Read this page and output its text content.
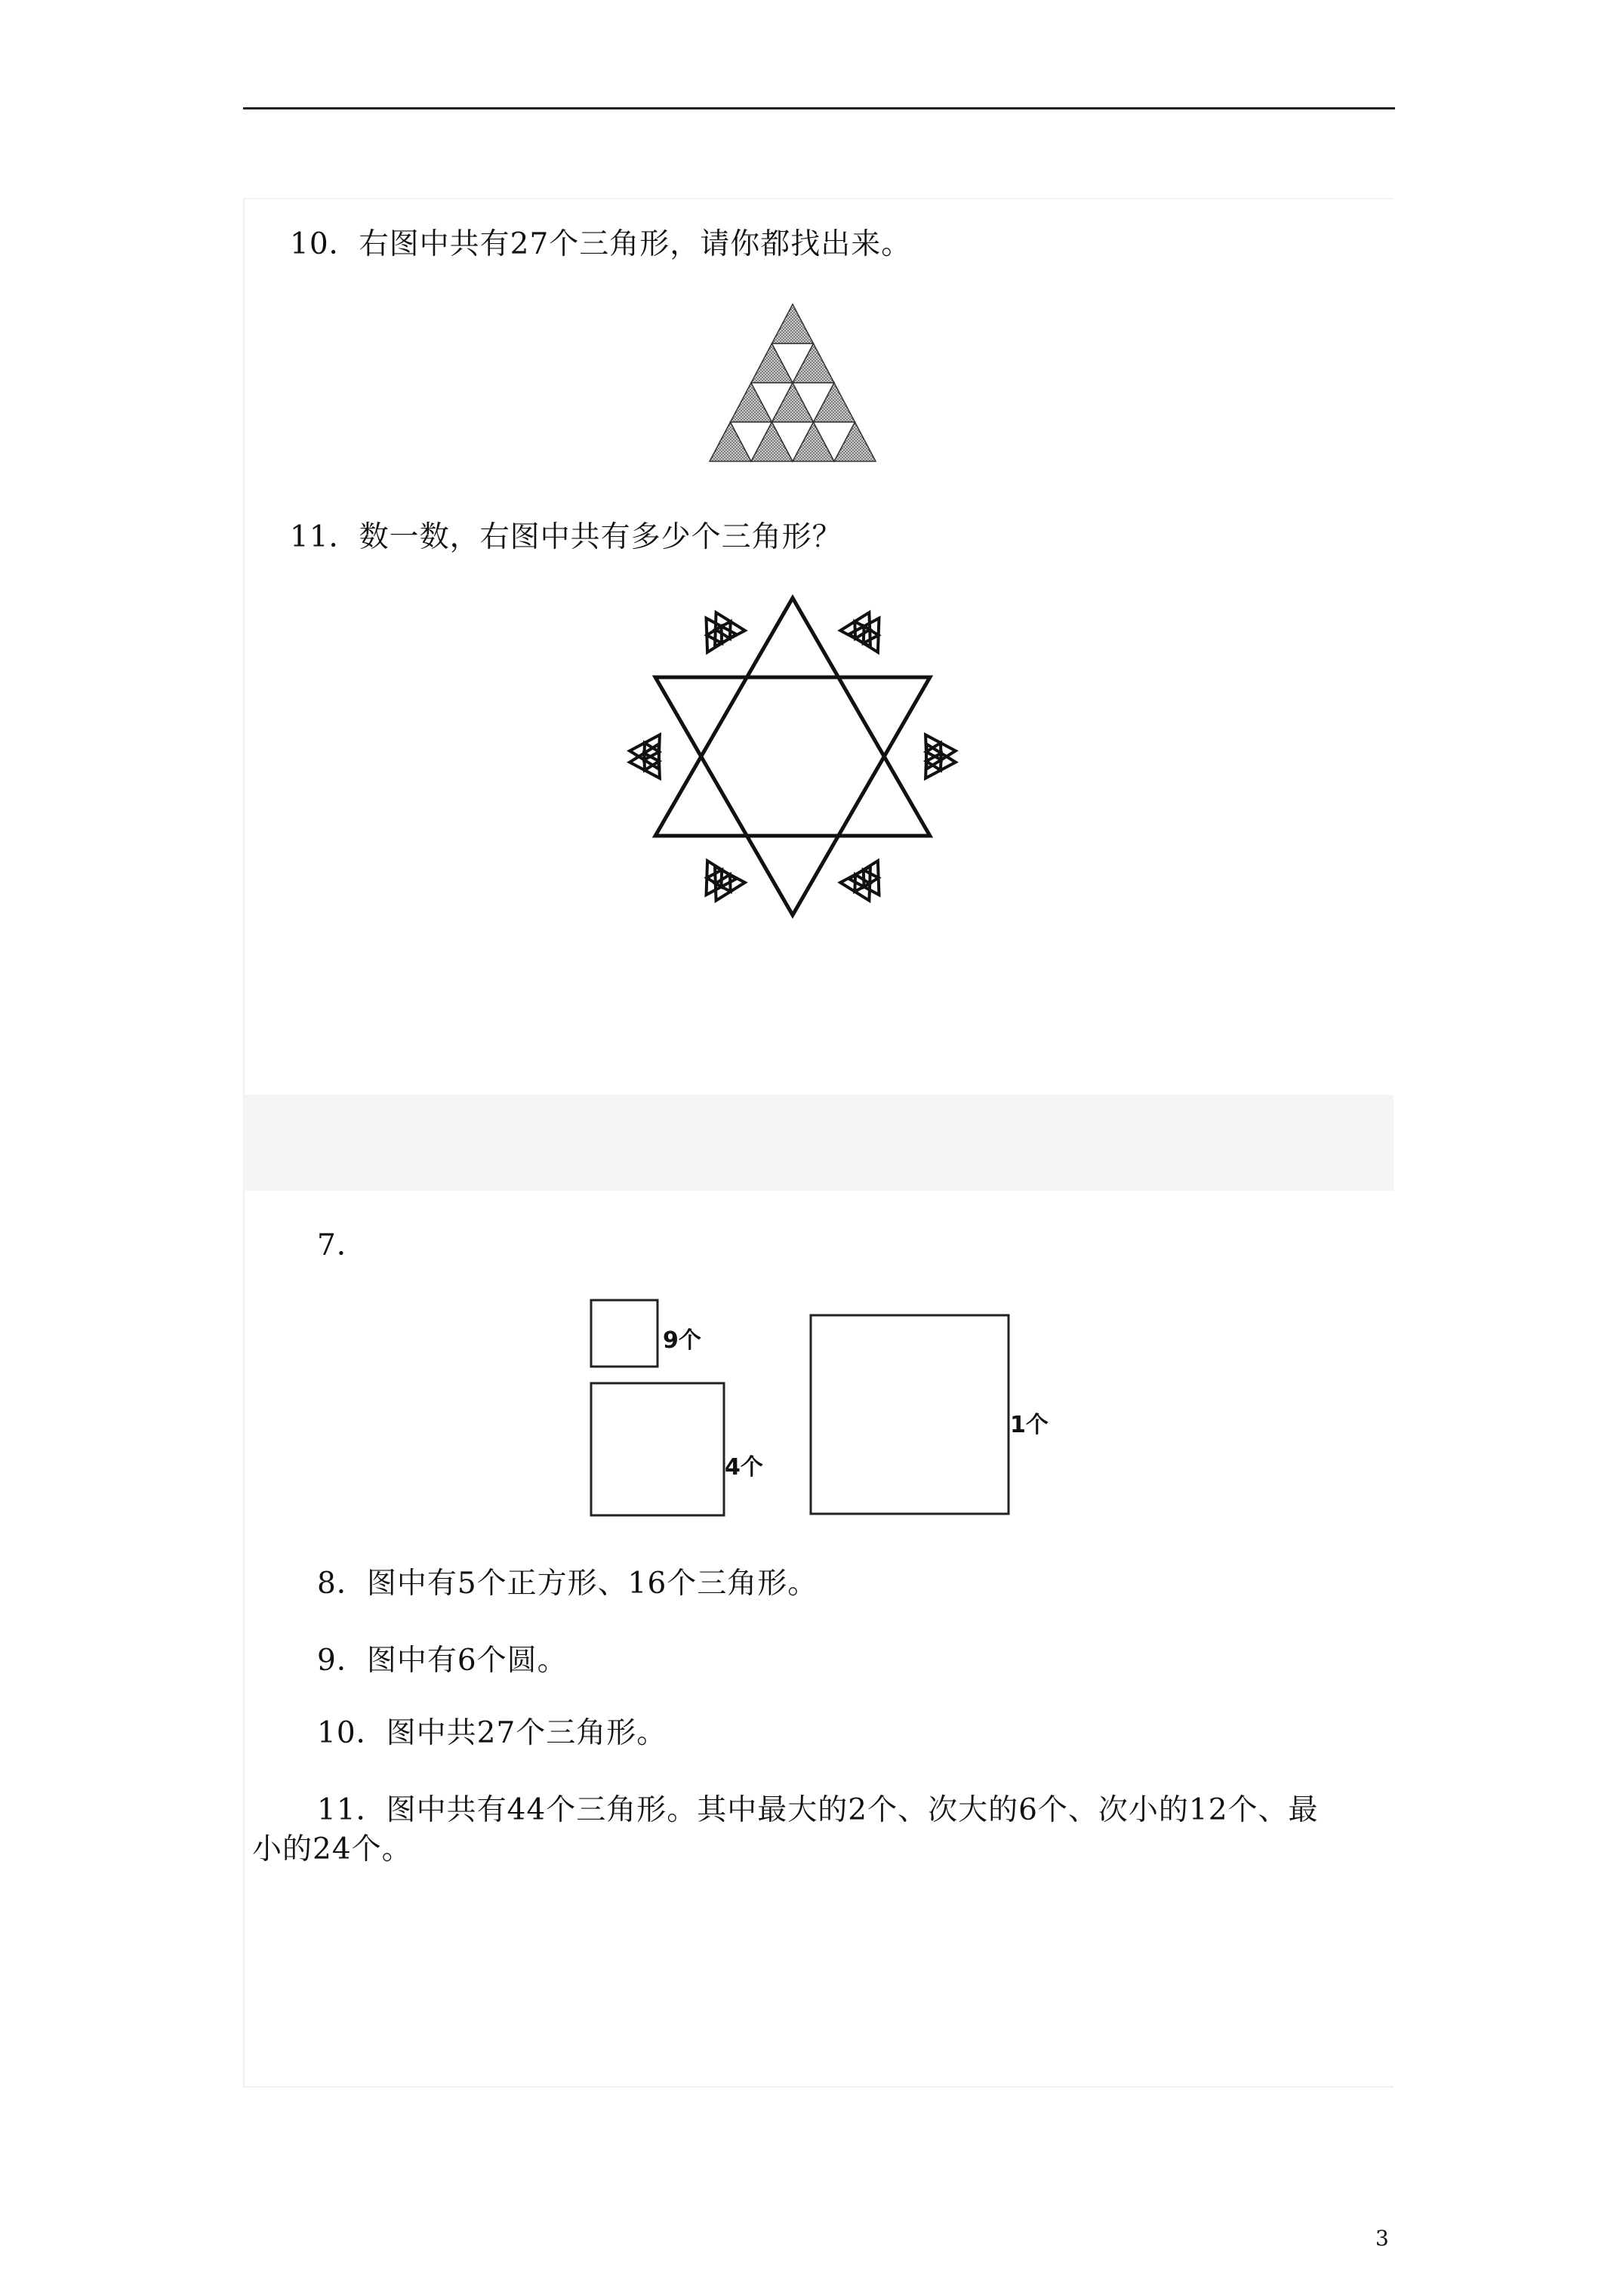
10．右图中共有27个三角形，请你都找出来。
11．数一数，右图中共有多少个三角形？
7．
9个
4个
1个
8．图中有5个正方形、16个三角形。
9．图中有6个圆。
10．图中共27个三角形。
11．图中共有44个三角形。其中最大的2个、次大的6个、次小的12个、最
小的24个。
3
